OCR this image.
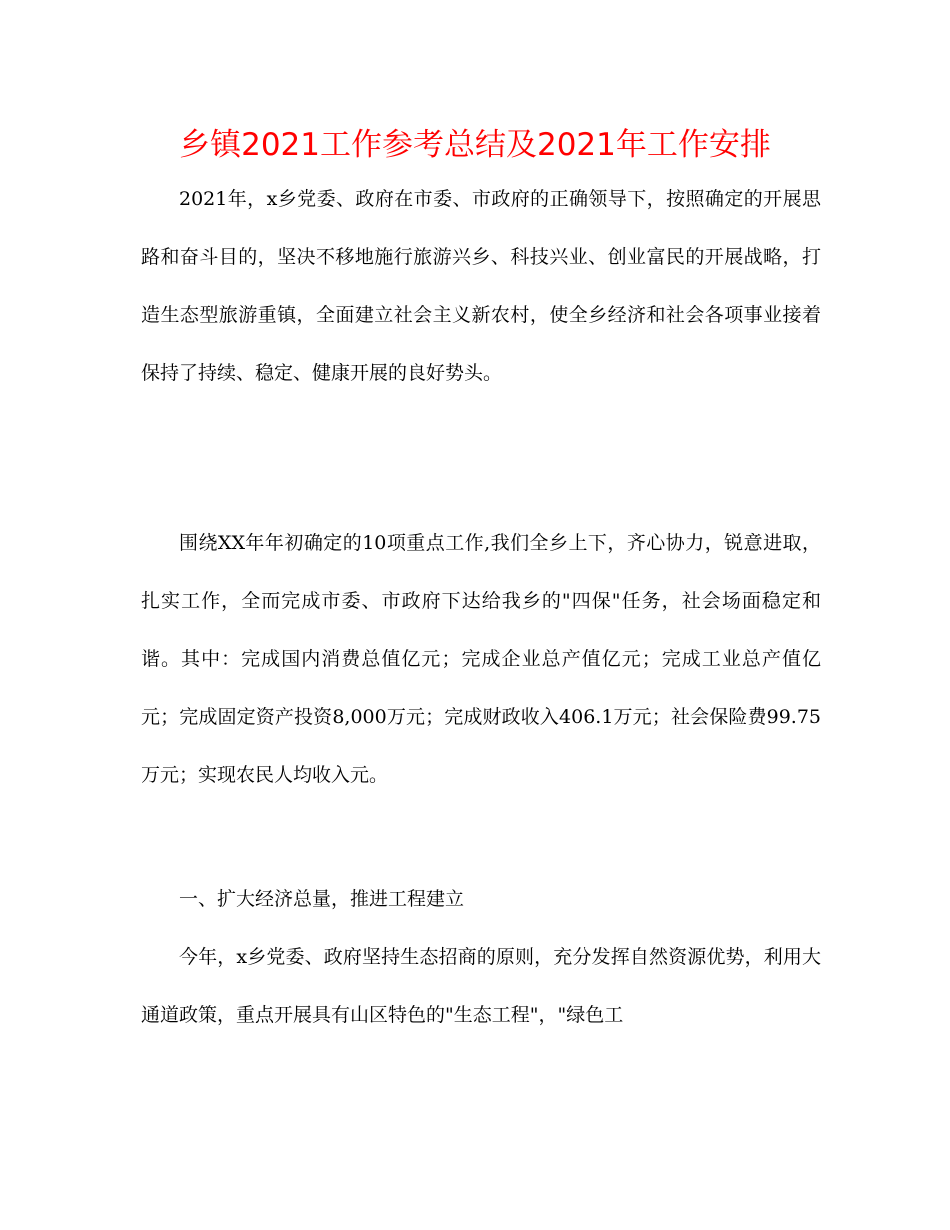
乡镇2021工作参考总结及2021年工作安排

2021年，x乡党委、政府在市委、市政府的正确领导下，按照确定的开展思路和奋斗目的，坚决不移地施行旅游兴乡、科技兴业、创业富民的开展战略，打造生态型旅游重镇，全面建立社会主义新农村，使全乡经济和社会各项事业接着保持了持续、稳定、健康开展的良好势头。

围绕XX年年初确定的10项重点工作,我们全乡上下，齐心协力，锐意进取，扎实工作，全而完成市委、市政府下达给我乡的"四保"任务，社会场面稳定和谐。其中：完成国内消费总值亿元；完成企业总产值亿元；完成工业总产值亿元；完成固定资产投资8,000万元；完成财政收入406.1万元；社会保险费99.75万元；实现农民人均收入元。

一、扩大经济总量，推进工程建立

今年，x乡党委、政府坚持生态招商的原则，充分发挥自然资源优势，利用大通道政策，重点开展具有山区特色的"生态工程"，"绿色工
